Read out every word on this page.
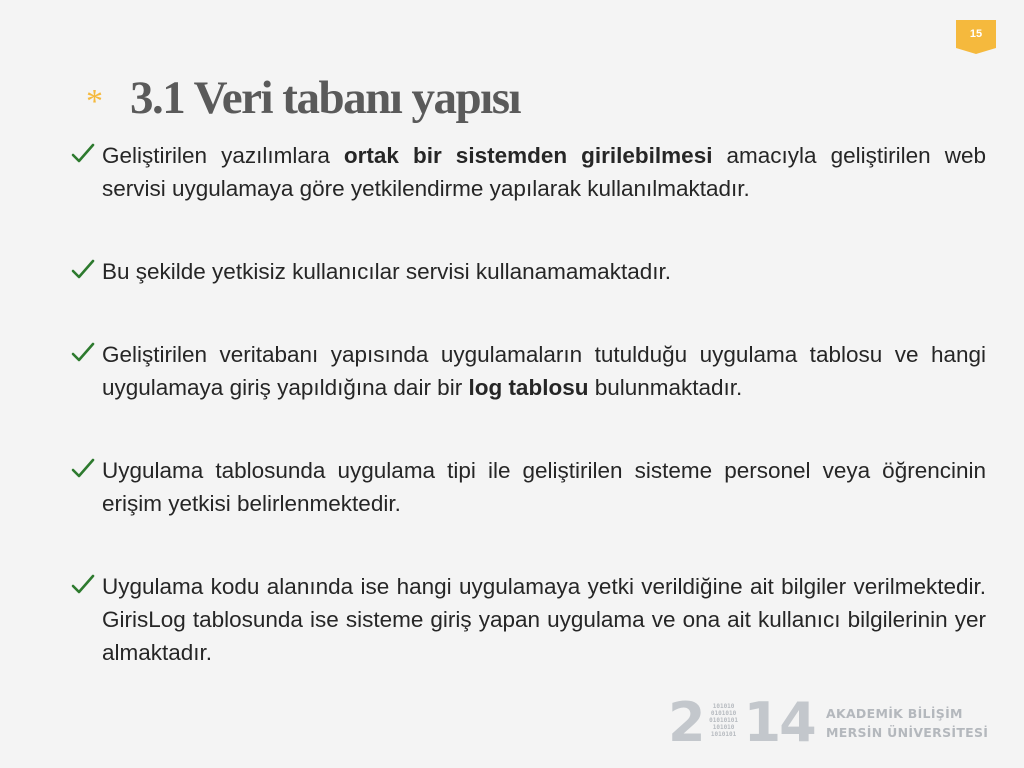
15
* 3.1 Veri tabanı yapısı
Geliştirilen yazılımlara ortak bir sistemden girilebilmesi amacıyla geliştirilen web servisi uygulamaya göre yetkilendirme yapılarak kullanılmaktadır.
Bu şekilde yetkisiz kullanıcılar servisi kullanamamaktadır.
Geliştirilen veritabanı yapısında uygulamaların tutulduğu uygulama tablosu ve hangi uygulamaya giriş yapıldığına dair bir log tablosu bulunmaktadır.
Uygulama tablosunda uygulama tipi ile geliştirilen sisteme personel veya öğrencinin erişim yetkisi belirlenmektedir.
Uygulama kodu alanında ise hangi uygulamaya yetki verildiğine ait bilgiler verilmektedir. GirisLog tablosunda ise sisteme giriş yapan uygulama ve ona ait kullanıcı bilgilerinin yer almaktadır.
2	101010
0101010
01010101
101010
1010101 14 AKADEMİK BİLİŞİM
MERSİN ÜNİVERSİTESİ
